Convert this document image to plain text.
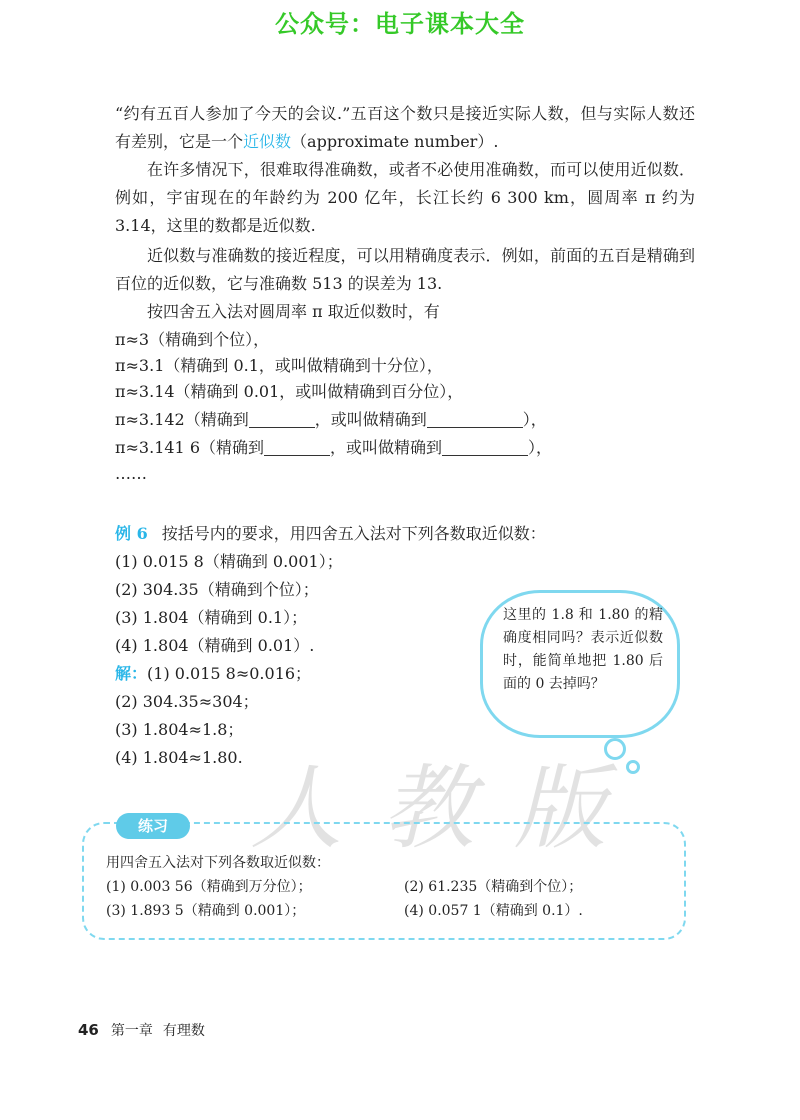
公众号：电子课本大全

“约有五百人参加了今天的会议.”五百这个数只是接近实际人数，但与实际人数还有差别，它是一个近似数（approximate number）.

在许多情况下，很难取得准确数，或者不必使用准确数，而可以使用近似数．例如，宇宙现在的年龄约为 200 亿年，长江长约 6 300 km，圆周率 π 约为 3.14，这里的数都是近似数.

近似数与准确数的接近程度，可以用精确度表示．例如，前面的五百是精确到百位的近似数，它与准确数 513 的误差为 13.

按四舍五入法对圆周率 π 取近似数时，有

π≈3（精确到个位），
π≈3.1（精确到 0.1，或叫做精确到十分位），
π≈3.14（精确到 0.01，或叫做精确到百分位），
π≈3.142（精确到	，或叫做精确到	），
π≈3.141 6（精确到	，或叫做精确到	），
……
例 6 按括号内的要求，用四舍五入法对下列各数取近似数：
(1) 0.015 8（精确到 0.001）；
(2) 304.35（精确到个位）；
(3) 1.804（精确到 0.1）；
(4) 1.804（精确到 0.01）.
解：(1) 0.015 8≈0.016；
(2) 304.35≈304；
(3) 1.804≈1.8；
(4) 1.804≈1.80.
这里的 1.8 和 1.80 的精确度相同吗？表示近似数时，能简单地把 1.80 后面的 0 去掉吗？
人教版
练习
用四舍五入法对下列各数取近似数：
(1) 0.003 56（精确到万分位）；	(2) 61.235（精确到个位）；
(3) 1.893 5（精确到 0.001）；	(4) 0.057 1（精确到 0.1）.
46 第一章 有理数
